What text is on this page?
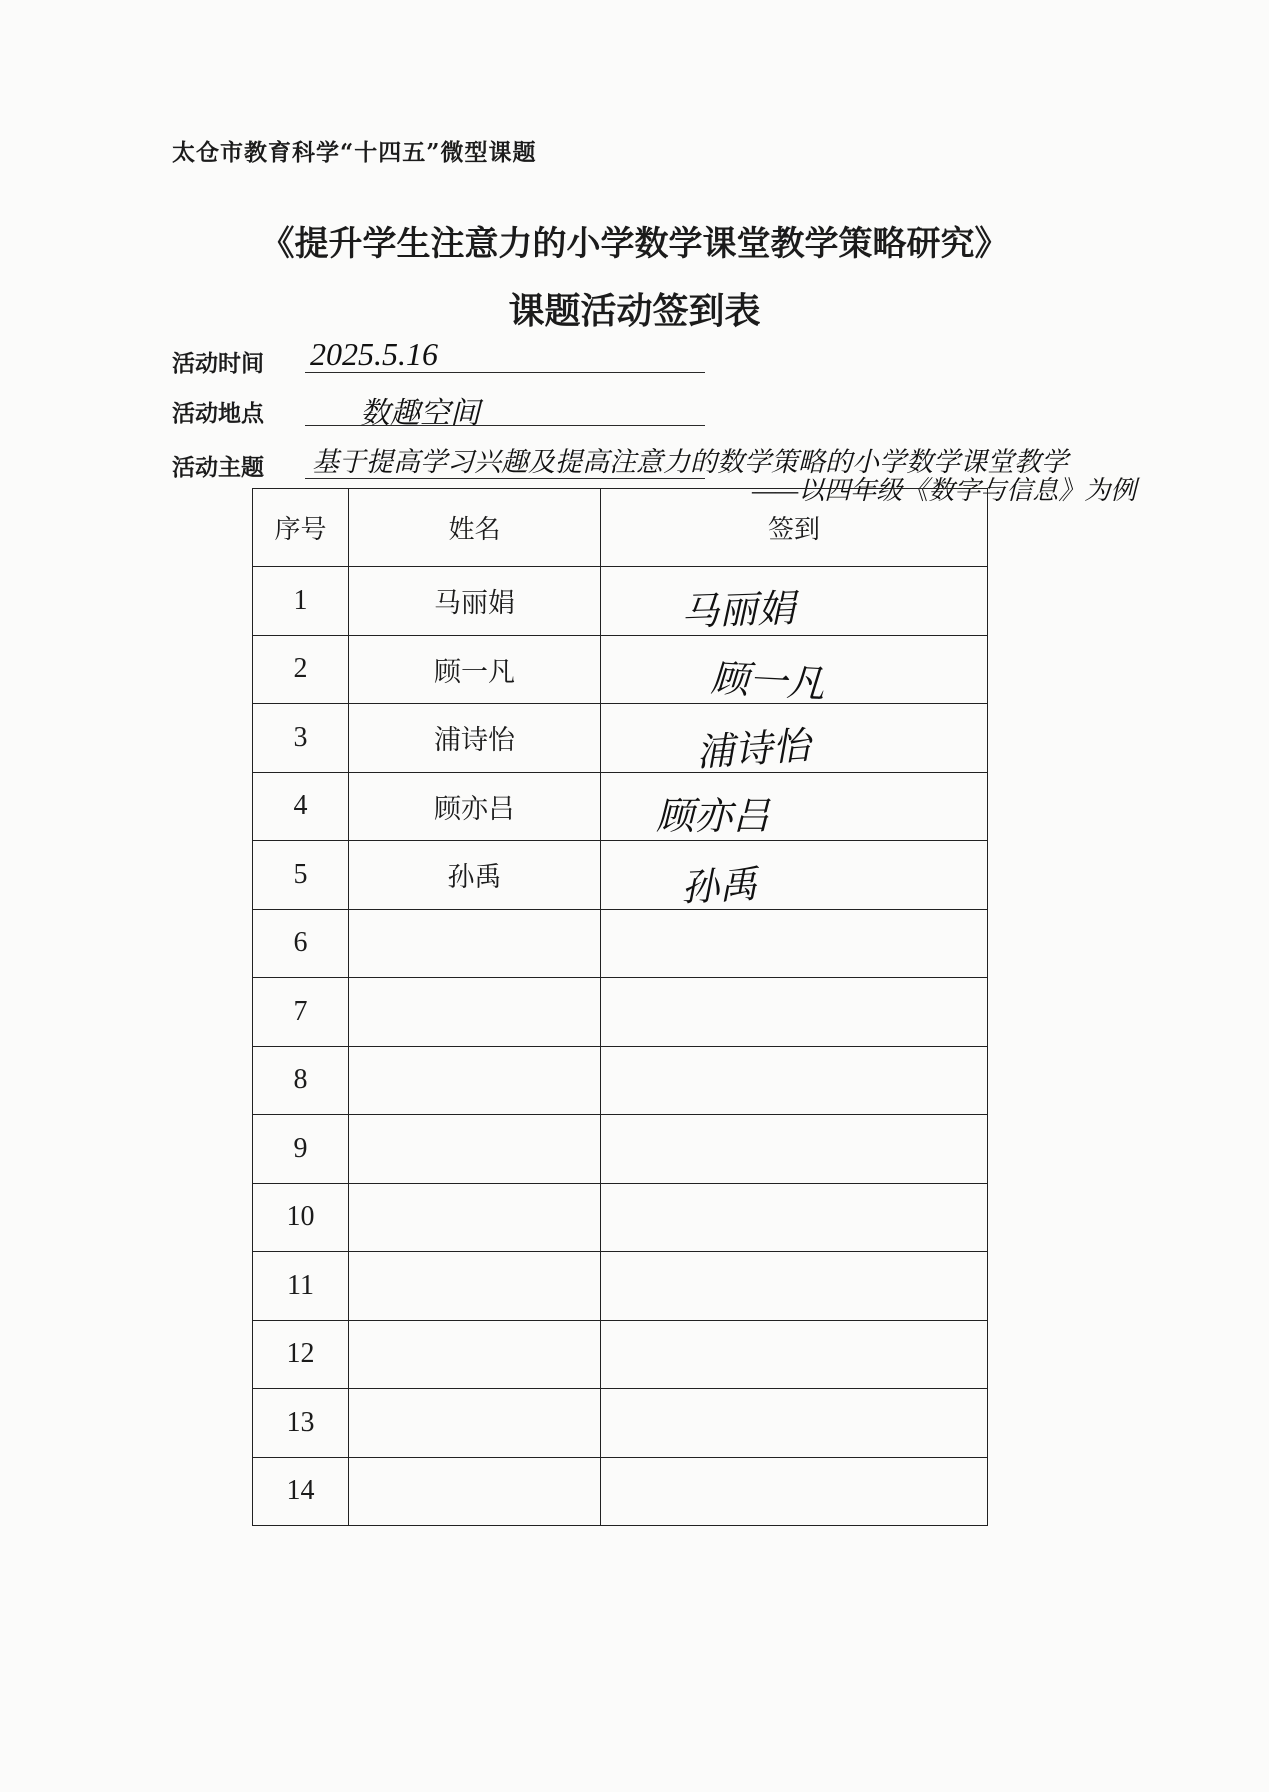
太仓市教育科学“十四五”微型课题
《提升学生注意力的小学数学课堂教学策略研究》
课题活动签到表
活动时间 2025.5.16
活动地点	数趣空间
活动主题 基于提高学习兴趣及提高注意力的数学策略的小学数学课堂教学
——以四年级《数字与信息》为例
序号	姓名	签到
1	马丽娟	马丽娟

2	顾一凡	顾一凡

3	浦诗怡	浦诗怡

4	顾亦吕	顾亦吕

5	孙禹	孙禹

6		
7		
8		
9		
10		
11		
12		
13		
14		
